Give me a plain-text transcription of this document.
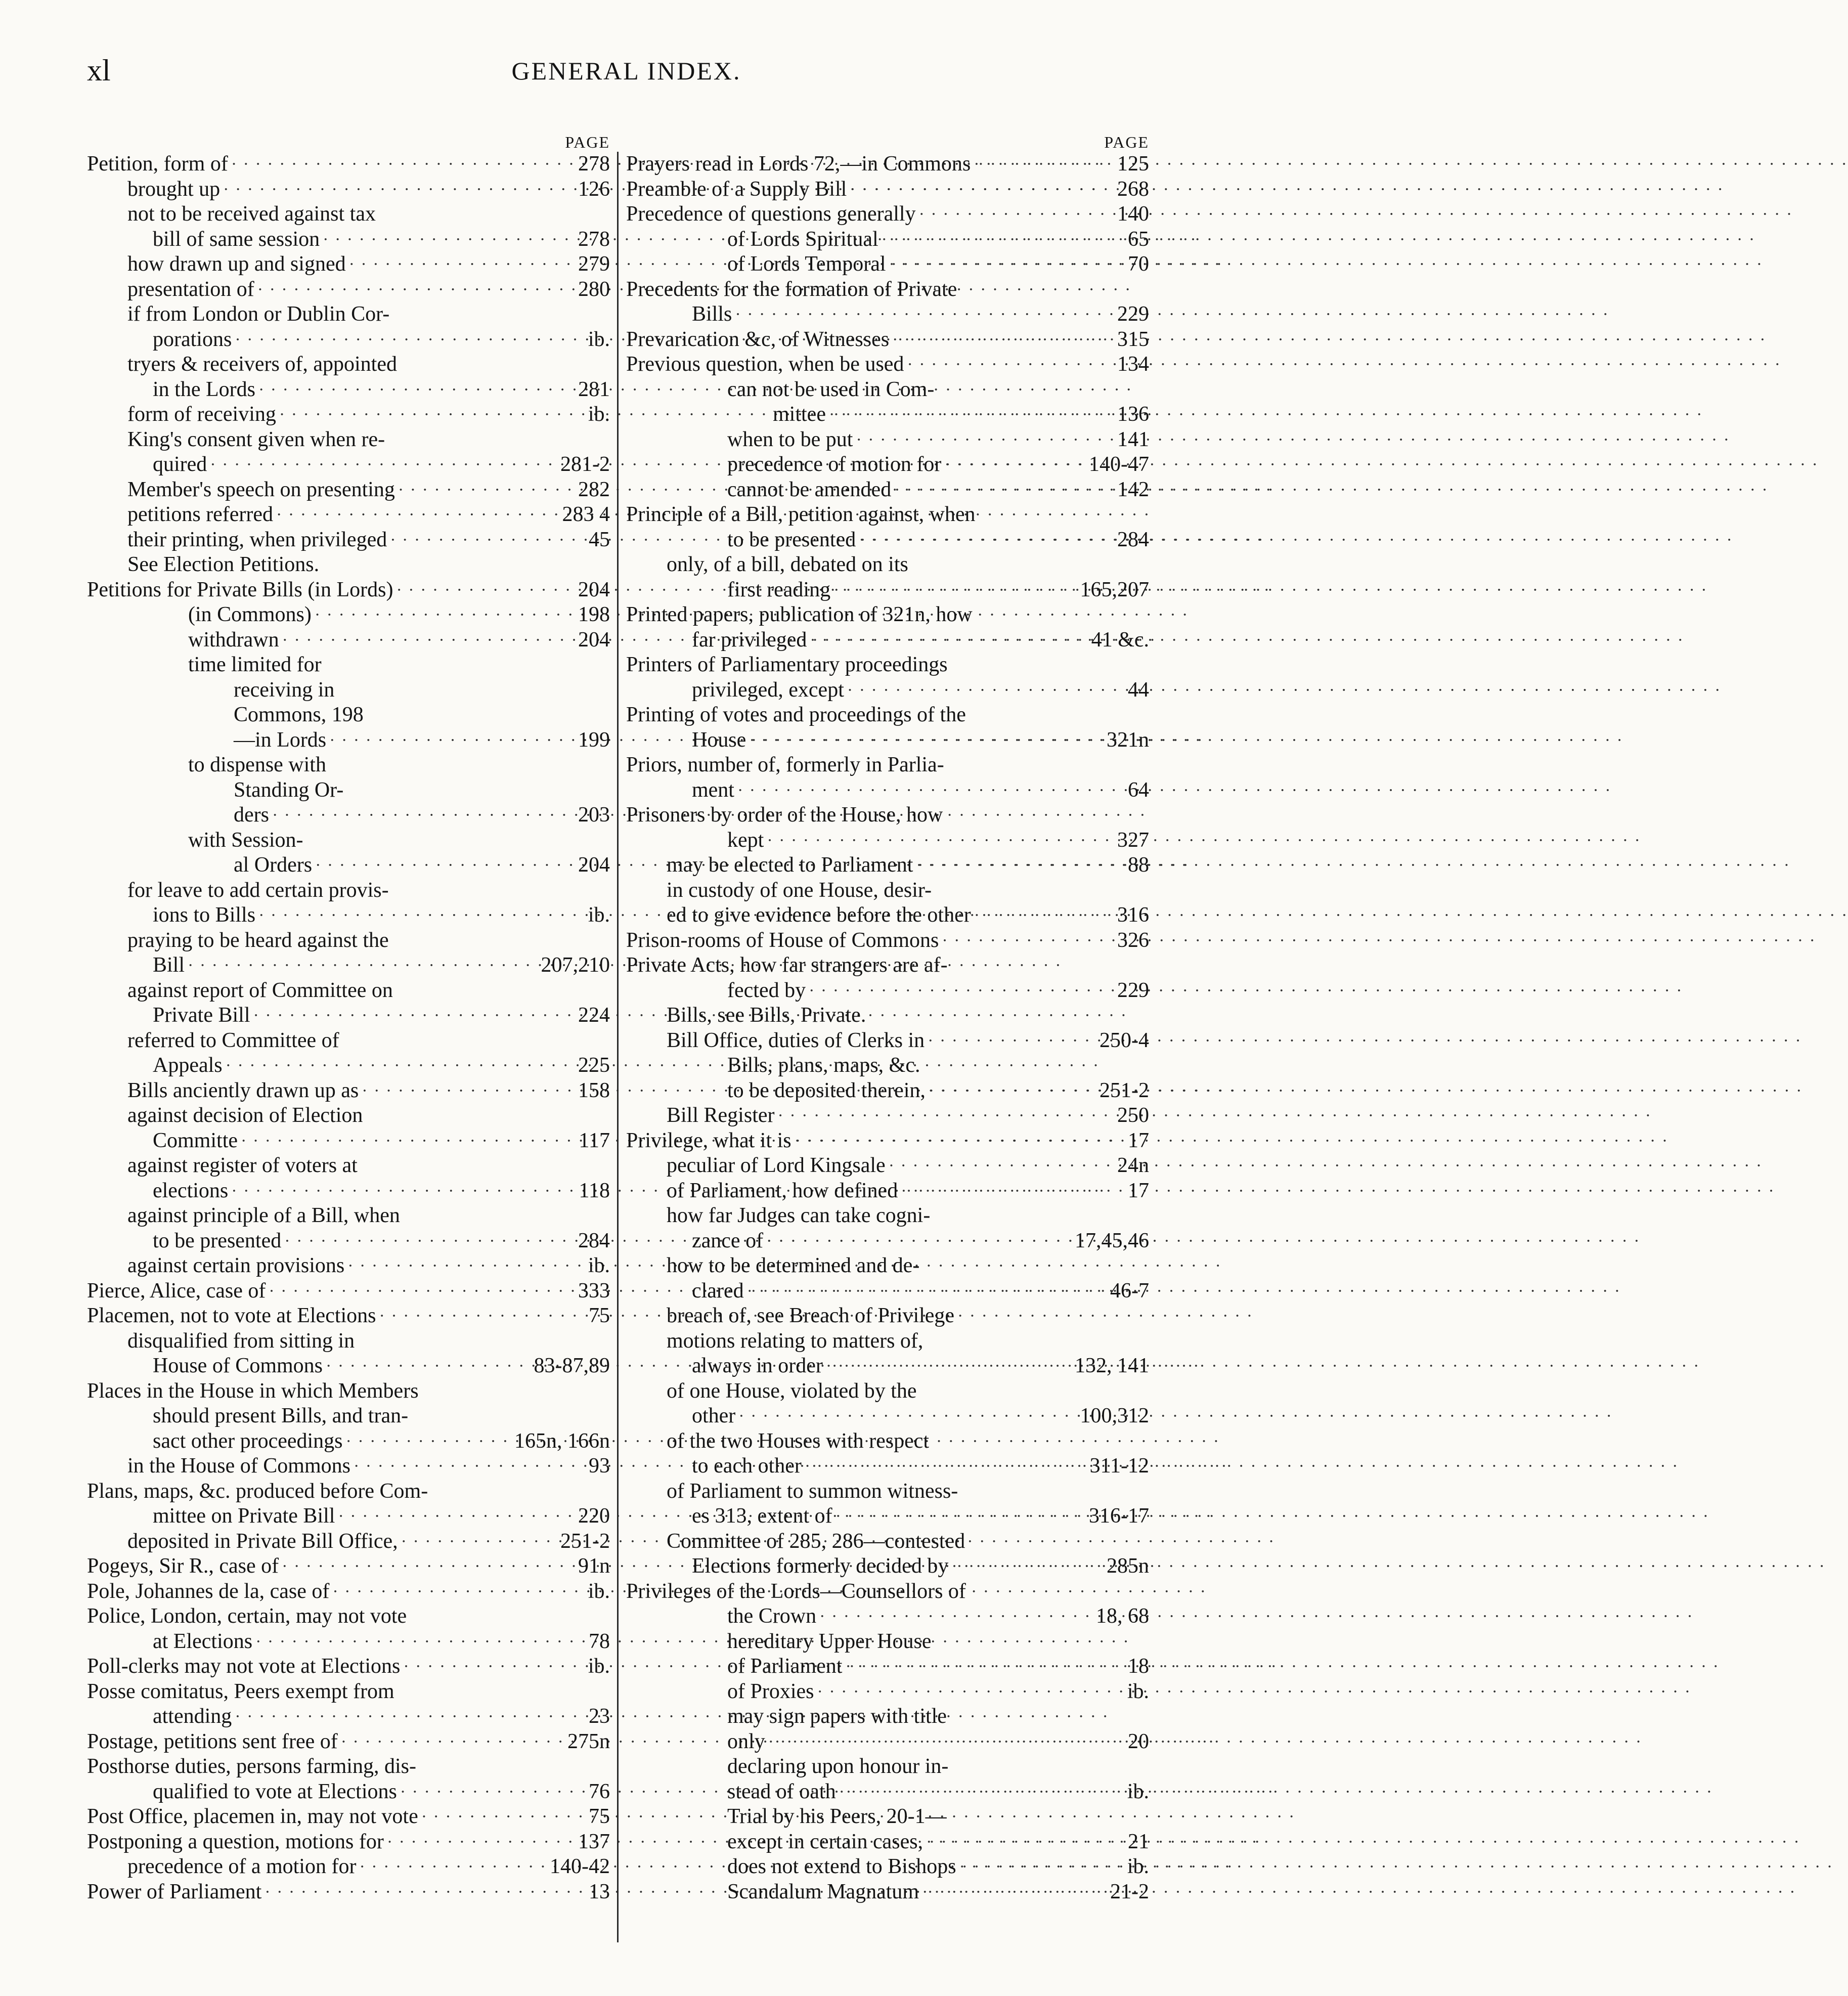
xl	GENERAL INDEX.
PAGE
Petition, form of · · ·	278
brought up · · ·	126
not to be received against tax
bill of same session · · ·	278
how drawn up and signed · · ·	279
presentation of · · ·	280
if from London or Dublin Cor-
porations · · ·	ib.
tryers & receivers of, appointed
in the Lords · · ·	281
form of receiving · · ·	ib.
King's consent given when re-
quired · · ·	281-2
Member's speech on presenting · · ·	282
petitions referred · · ·	283 4
their printing, when privileged · · ·	45
See Election Petitions.
Petitions for Private Bills (in Lords) · · ·	204
(in Commons) · · ·	198
withdrawn · · ·	204
time limited for
receiving in
Commons, 198
—in Lords · · ·	199
to dispense with
Standing Or-
ders · · ·	203
with Session-
al Orders · · ·	204
for leave to add certain provis-
ions to Bills · · ·	ib.
praying to be heard against the
Bill · · ·	207,210
against report of Committee on
Private Bill · · ·	224
referred to Committee of
Appeals · · ·	225
Bills anciently drawn up as · · ·	158
against decision of Election
Committe · · ·	117
against register of voters at
elections · · ·	118
against principle of a Bill, when
to be presented · · ·	284
against certain provisions · · ·	ib.
Pierce, Alice, case of · · ·	333
Placemen, not to vote at Elections · · ·	75
disqualified from sitting in
House of Commons · · ·	83-87,89
Places in the House in which Members
should present Bills, and tran-
sact other proceedings · · ·	165n, 166n
in the House of Commons · · ·	93
Plans, maps, &c. produced before Com-
mittee on Private Bill · · ·	220
deposited in Private Bill Office, · · ·	251-2
Pogeys, Sir R., case of · · ·	91n
Pole, Johannes de la, case of · · ·	ib.
Police, London, certain, may not vote
at Elections · · ·	78
Poll-clerks may not vote at Elections · · ·	ib.
Posse comitatus, Peers exempt from
attending · · ·	23
Postage, petitions sent free of · · ·	275n
Posthorse duties, persons farming, dis-
qualified to vote at Elections · · ·	76
Post Office, placemen in, may not vote · · ·	75
Postponing a question, motions for · · ·	137
precedence of a motion for · · ·	140-42
Power of Parliament · · ·	13
PAGE
Prayers read in Lords 72,—in Commons · · ·	125
Preamble of a Supply Bill · · ·	268
Precedence of questions generally · · ·	140
of Lords Spiritual · · ·	65
of Lords Temporal · · ·	70
Precedents for the formation of Private
Bills · · ·	229
Prevarication &c, of Witnesses · · ·	315
Previous question, when be used · · ·	134
can not be used in Com-
mittee · · ·	136
when to be put · · ·	141
precedence of motion for · · ·	140-47
cannot be amended · · ·	142
Principle of a Bill, petition against, when
to be presented · · ·	284
only, of a bill, debated on its
first reading · · ·	165,207
Printed papers, publication of 321n, how
far privileged · · ·	41 &c.
Printers of Parliamentary proceedings
privileged, except · · ·	44
Printing of votes and proceedings of the
House · · ·	321n
Priors, number of, formerly in Parlia-
ment · · ·	64
Prisoners by order of the House, how
kept · · ·	327
may be elected to Parliament · · ·	88
in custody of one House, desir-
ed to give evidence before the other · · ·	316
Prison-rooms of House of Commons · · ·	326
Private Acts, how far strangers are af-
fected by · · ·	229
Bills, see Bills, Private.
Bill Office, duties of Clerks in · · ·	250-4
Bills, plans, maps, &c.
to be deposited therein, · · ·	251-2
Bill Register · · ·	250
Privilege, what it is · · ·	17
peculiar of Lord Kingsale · · ·	24n
of Parliament, how defined · · ·	17
how far Judges can take cogni-
zance of · · ·	17,45,46
how to be determined and de-
clared · · ·	46-7
breach of, see Breach of Privilege
motions relating to matters of,
always in order · · ·	132, 141
of one House, violated by the
other · · ·	100,312
of the two Houses with respect
to each other · · ·	311-12
of Parliament to summon witness-
es 313, extent of · · ·	316-17
Committee of 285, 286—contested
Elections formerly decided by · · ·	285n
Privileges of the Lords—Counsellors of
the Crown · · ·	18, 68
hereditary Upper House
of Parliament · · ·	18
of Proxies · · ·	ib.
may sign papers with title
only · · ·	20
declaring upon honour in-
stead of oath · · ·	ib.
Trial by his Peers, 20-1—
except in certain cases, · · ·	21
does not extend to Bishops · · ·	ib.
Scandalum Magnatum · · ·	21-2
